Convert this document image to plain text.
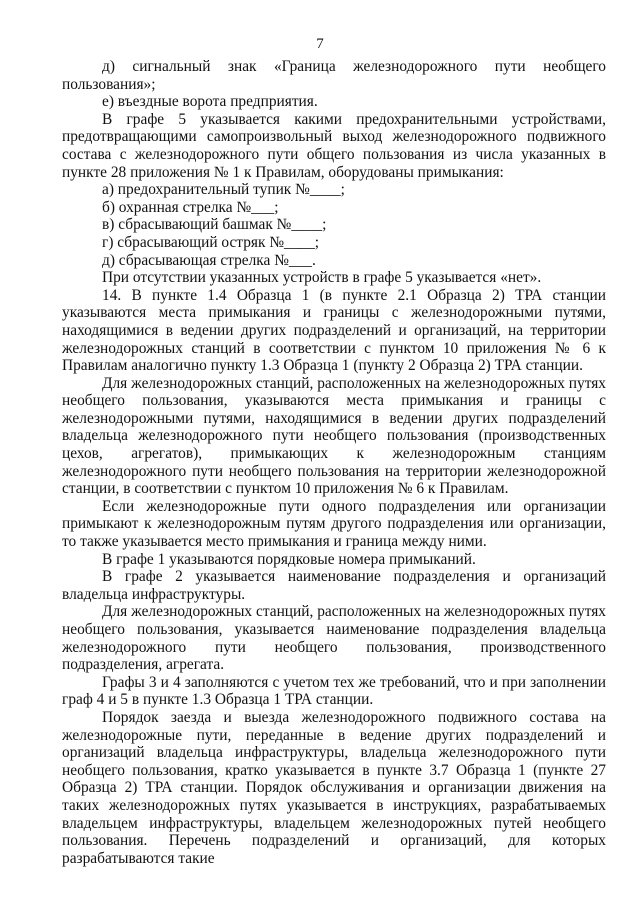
7

д) сигнальный знак «Граница железнодорожного пути необщего пользования»;

е) въездные ворота предприятия.

В графе 5 указывается какими предохранительными устройствами, предотвращающими самопроизвольный выход железнодорожного подвижного состава с железнодорожного пути общего пользования из числа указанных в пункте 28 приложения № 1 к Правилам, оборудованы примыкания:

а) предохранительный тупик №____;

б) охранная стрелка №___;

в) сбрасывающий башмак №____;

г) сбрасывающий остряк №____;

д) сбрасывающая стрелка №___.

При отсутствии указанных устройств в графе 5 указывается «нет».

14. В пункте 1.4 Образца 1 (в пункте 2.1 Образца 2) ТРА станции указываются места примыкания и границы с железнодорожными путями, находящимися в ведении других подразделений и организаций, на территории железнодорожных станций в соответствии с пунктом 10 приложения № 6 к Правилам аналогично пункту 1.3 Образца 1 (пункту 2 Образца 2) ТРА станции.

Для железнодорожных станций, расположенных на железнодорожных путях необщего пользования, указываются места примыкания и границы с железнодорожными путями, находящимися в ведении других подразделений владельца железнодорожного пути необщего пользования (производственных цехов, агрегатов), примыкающих к железнодорожным станциям железнодорожного пути необщего пользования на территории железнодорожной станции, в соответствии с пунктом 10 приложения № 6 к Правилам.

Если железнодорожные пути одного подразделения или организации примыкают к железнодорожным путям другого подразделения или организации, то также указывается место примыкания и граница между ними.

В графе 1 указываются порядковые номера примыканий.

В графе 2 указывается наименование подразделения и организаций владельца инфраструктуры.

Для железнодорожных станций, расположенных на железнодорожных путях необщего пользования, указывается наименование подразделения владельца железнодорожного пути необщего пользования, производственного подразделения, агрегата.

Графы 3 и 4 заполняются с учетом тех же требований, что и при заполнении граф 4 и 5 в пункте 1.3 Образца 1 ТРА станции.

Порядок заезда и выезда железнодорожного подвижного состава на железнодорожные пути, переданные в ведение других подразделений и организаций владельца инфраструктуры, владельца железнодорожного пути необщего пользования, кратко указывается в пункте 3.7 Образца 1 (пункте 27 Образца 2) ТРА станции. Порядок обслуживания и организации движения на таких железнодорожных путях указывается в инструкциях, разрабатываемых владельцем инфраструктуры, владельцем железнодорожных путей необщего пользования. Перечень подразделений и организаций, для которых разрабатываются такие
